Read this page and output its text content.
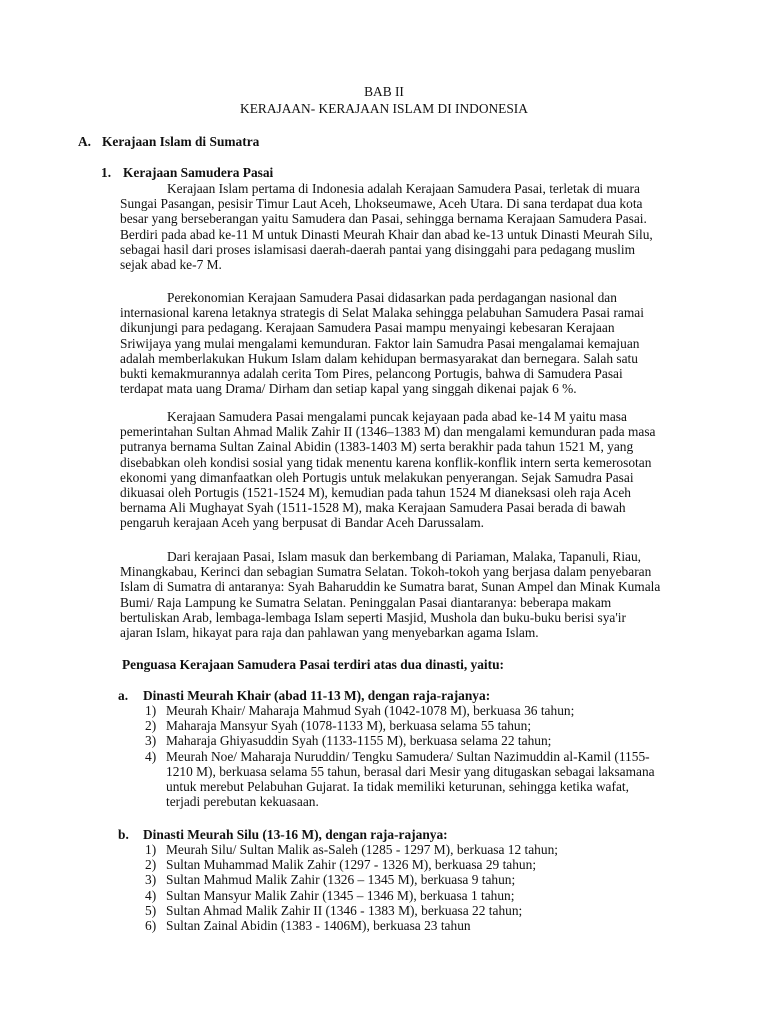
BAB II
KERAJAAN- KERAJAAN ISLAM DI INDONESIA
A. Kerajaan Islam di Sumatra
1. Kerajaan Samudera Pasai
Kerajaan Islam pertama di Indonesia adalah Kerajaan Samudera Pasai, terletak di muara
Sungai Pasangan, pesisir Timur Laut Aceh, Lhokseumawe, Aceh Utara. Di sana terdapat dua kota
besar yang berseberangan yaitu Samudera dan Pasai, sehingga bernama Kerajaan Samudera Pasai.
Berdiri pada abad ke-11 M untuk Dinasti Meurah Khair dan abad ke-13 untuk Dinasti Meurah Silu,
sebagai hasil dari proses islamisasi daerah-daerah pantai yang disinggahi para pedagang muslim
sejak abad ke-7 M.
Perekonomian Kerajaan Samudera Pasai didasarkan pada perdagangan nasional dan
internasional karena letaknya strategis di Selat Malaka sehingga pelabuhan Samudera Pasai ramai
dikunjungi para pedagang. Kerajaan Samudera Pasai mampu menyaingi kebesaran Kerajaan
Sriwijaya yang mulai mengalami kemunduran. Faktor lain Samudra Pasai mengalamai kemajuan
adalah memberlakukan Hukum Islam dalam kehidupan bermasyarakat dan bernegara. Salah satu
bukti kemakmurannya adalah cerita Tom Pires, pelancong Portugis, bahwa di Samudera Pasai
terdapat mata uang Drama/ Dirham dan setiap kapal yang singgah dikenai pajak 6 %.
Kerajaan Samudera Pasai mengalami puncak kejayaan pada abad ke-14 M yaitu masa
pemerintahan Sultan Ahmad Malik Zahir II (1346–1383 M) dan mengalami kemunduran pada masa
putranya bernama Sultan Zainal Abidin (1383-1403 M) serta berakhir pada tahun 1521 M, yang
disebabkan oleh kondisi sosial yang tidak menentu karena konflik-konflik intern serta kemerosotan
ekonomi yang dimanfaatkan oleh Portugis untuk melakukan penyerangan. Sejak Samudra Pasai
dikuasai oleh Portugis (1521-1524 M), kemudian pada tahun 1524 M dianeksasi oleh raja Aceh
bernama Ali Mughayat Syah (1511-1528 M), maka Kerajaan Samudera Pasai berada di bawah
pengaruh kerajaan Aceh yang berpusat di Bandar Aceh Darussalam.
Dari kerajaan Pasai, Islam masuk dan berkembang di Pariaman, Malaka, Tapanuli, Riau,
Minangkabau, Kerinci dan sebagian Sumatra Selatan. Tokoh-tokoh yang berjasa dalam penyebaran
Islam di Sumatra di antaranya: Syah Baharuddin ke Sumatra barat, Sunan Ampel dan Minak Kumala
Bumi/ Raja Lampung ke Sumatra Selatan. Peninggalan Pasai diantaranya: beberapa makam
bertuliskan Arab, lembaga-lembaga Islam seperti Masjid, Mushola dan buku-buku berisi sya'ir
ajaran Islam, hikayat para raja dan pahlawan yang menyebarkan agama Islam.
Penguasa Kerajaan Samudera Pasai terdiri atas dua dinasti, yaitu:
a. Dinasti Meurah Khair (abad 11-13 M), dengan raja-rajanya:
1) Meurah Khair/ Maharaja Mahmud Syah (1042-1078 M), berkuasa 36 tahun;
2) Maharaja Mansyur Syah (1078-1133 M), berkuasa selama 55 tahun;
3) Maharaja Ghiyasuddin Syah (1133-1155 M), berkuasa selama 22 tahun;
4) Meurah Noe/ Maharaja Nuruddin/ Tengku Samudera/ Sultan Nazimuddin al-Kamil (1155-
1210 M), berkuasa selama 55 tahun, berasal dari Mesir yang ditugaskan sebagai laksamana
untuk merebut Pelabuhan Gujarat. Ia tidak memiliki keturunan, sehingga ketika wafat,
terjadi perebutan kekuasaan.
b. Dinasti Meurah Silu (13-16 M), dengan raja-rajanya:
1) Meurah Silu/ Sultan Malik as-Saleh (1285 - 1297 M), berkuasa 12 tahun;
2) Sultan Muhammad Malik Zahir (1297 - 1326 M), berkuasa 29 tahun;
3) Sultan Mahmud Malik Zahir (1326 – 1345 M), berkuasa 9 tahun;
4) Sultan Mansyur Malik Zahir (1345 – 1346 M), berkuasa 1 tahun;
5) Sultan Ahmad Malik Zahir II (1346 - 1383 M), berkuasa 22 tahun;
6) Sultan Zainal Abidin (1383 - 1406M), berkuasa 23 tahun
